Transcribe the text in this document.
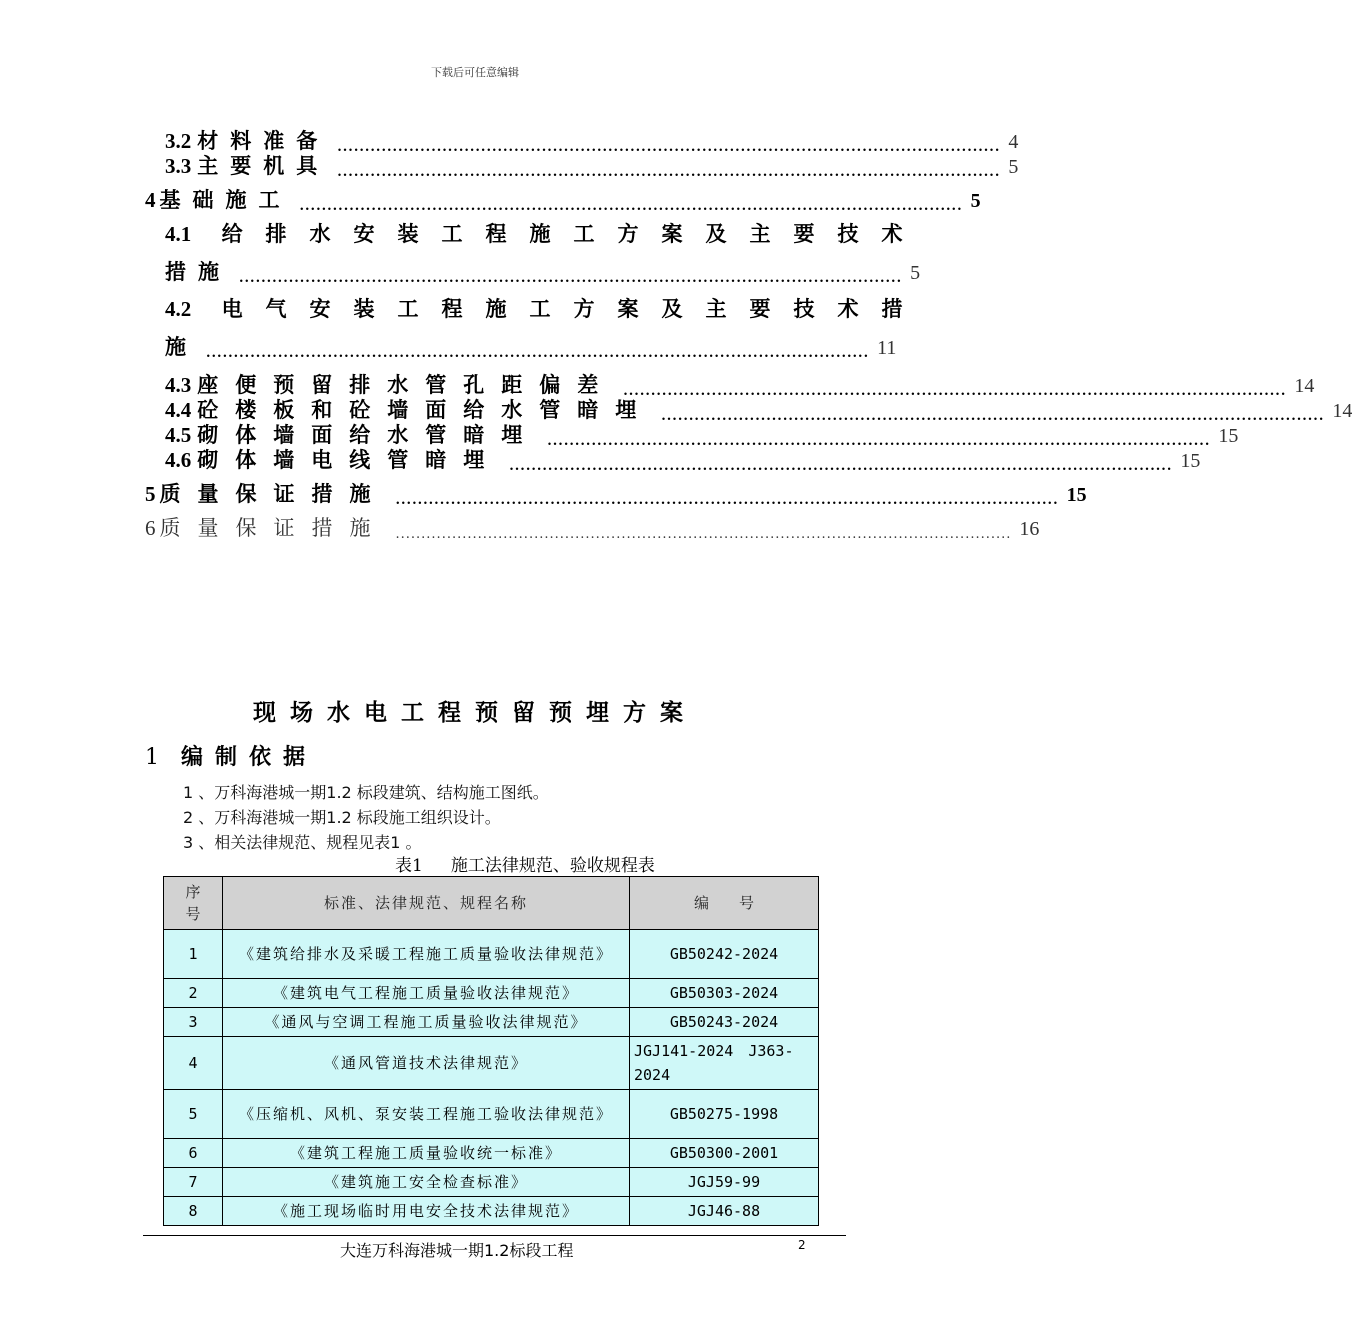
下载后可任意编辑
3.2 材料准备 ........................................................................................................................ 4
3.3 主要机具 ........................................................................................................................ 5
4 基础施工 ........................................................................................................................ 5
4.1 给排水安装工程施工方案及主要技术
措施 ........................................................................................................................ 5
4.2 电气安装工程施工方案及主要技术措
施 ........................................................................................................................ 11
4.3 座便预留排水管孔距偏差 ........................................................................................................................ 14
4.4 砼楼板和砼墙面给水管暗埋 ........................................................................................................................ 14
4.5 砌体墙面给水管暗埋 ........................................................................................................................ 15
4.6 砌体墙电线管暗埋 ........................................................................................................................ 15
5 质量保证措施 ........................................................................................................................ 15
6 质量保证措施 ........................................................................................................................ 16
现场水电工程预留预埋方案
1 编制依据
1 、万科海港城一期1.2 标段建筑、结构施工图纸。
2 、万科海港城一期1.2 标段施工组织设计。
3 、相关法律规范、规程见表1 。
表1 施工法律规范、验收规程表
序号	标准、法律规范、规程名称	编　　号
1	《建筑给排水及采暖工程施工质量验收法律规范》	GB50242-2024
2	《建筑电气工程施工质量验收法律规范》	GB50303-2024
3	《通风与空调工程施工质量验收法律规范》	GB50243-2024
4	《通风管道技术法律规范》	JGJ141-2024　J363-2024
5	《压缩机、风机、泵安装工程施工验收法律规范》	GB50275-1998
6	《建筑工程施工质量验收统一标准》	GB50300-2001
7	《建筑施工安全检查标准》	JGJ59-99
8	《施工现场临时用电安全技术法律规范》	JGJ46-88
大连万科海港城一期1.2标段工程	2
